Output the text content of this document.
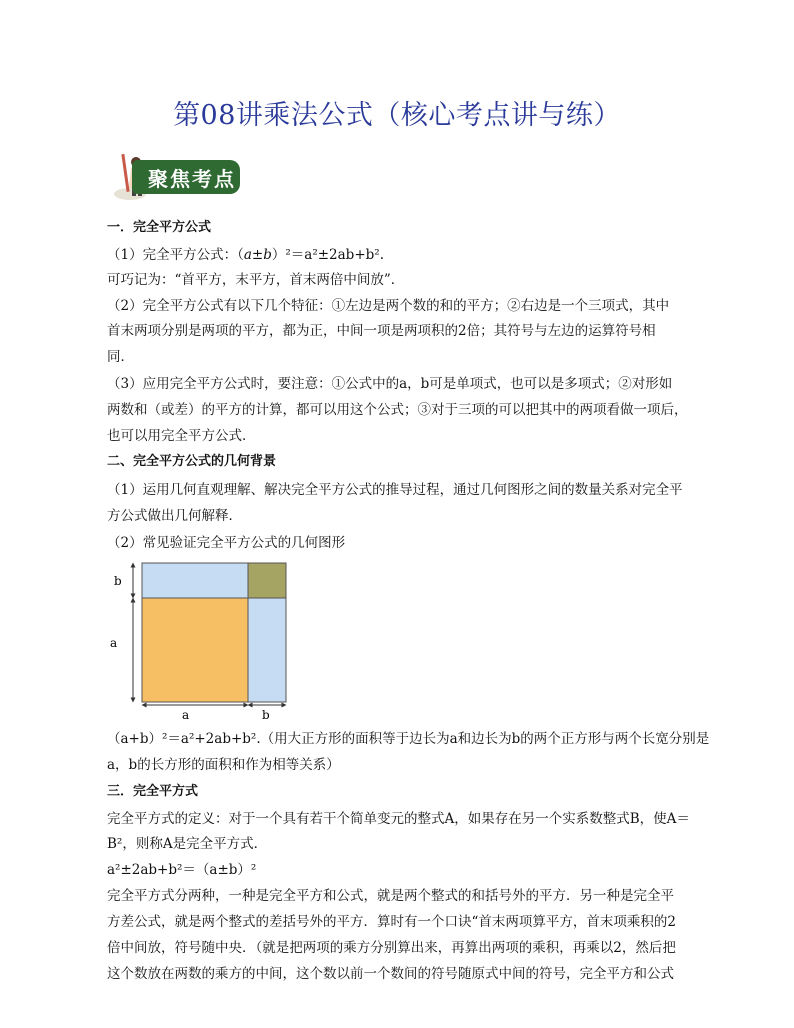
第08讲乘法公式（核心考点讲与练）
聚焦考点
一．完全平方公式
（1）完全平方公式：（a±b）²＝a²±2ab+b².
可巧记为：“首平方，末平方，首末两倍中间放”．
（2）完全平方公式有以下几个特征：①左边是两个数的和的平方；②右边是一个三项式，其中
首末两项分别是两项的平方，都为正，中间一项是两项积的2倍；其符号与左边的运算符号相
同．
（3）应用完全平方公式时，要注意：①公式中的a，b可是单项式，也可以是多项式；②对形如
两数和（或差）的平方的计算，都可以用这个公式；③对于三项的可以把其中的两项看做一项后，
也可以用完全平方公式．
二、完全平方公式的几何背景
（1）运用几何直观理解、解决完全平方公式的推导过程，通过几何图形之间的数量关系对完全平
方公式做出几何解释．
（2）常见验证完全平方公式的几何图形
b
a
a	b
（a+b）²＝a²+2ab+b².（用大正方形的面积等于边长为a和边长为b的两个正方形与两个长宽分别是
a，b的长方形的面积和作为相等关系）
三．完全平方式
完全平方式的定义：对于一个具有若干个简单变元的整式A，如果存在另一个实系数整式B，使A＝
B²，则称A是完全平方式．
a²±2ab+b²＝（a±b）²
完全平方式分两种，一种是完全平方和公式，就是两个整式的和括号外的平方．另一种是完全平
方差公式，就是两个整式的差括号外的平方．算时有一个口诀“首末两项算平方，首末项乘积的2
倍中间放，符号随中央．（就是把两项的乘方分别算出来，再算出两项的乘积，再乘以2，然后把
这个数放在两数的乘方的中间，这个数以前一个数间的符号随原式中间的符号，完全平方和公式
